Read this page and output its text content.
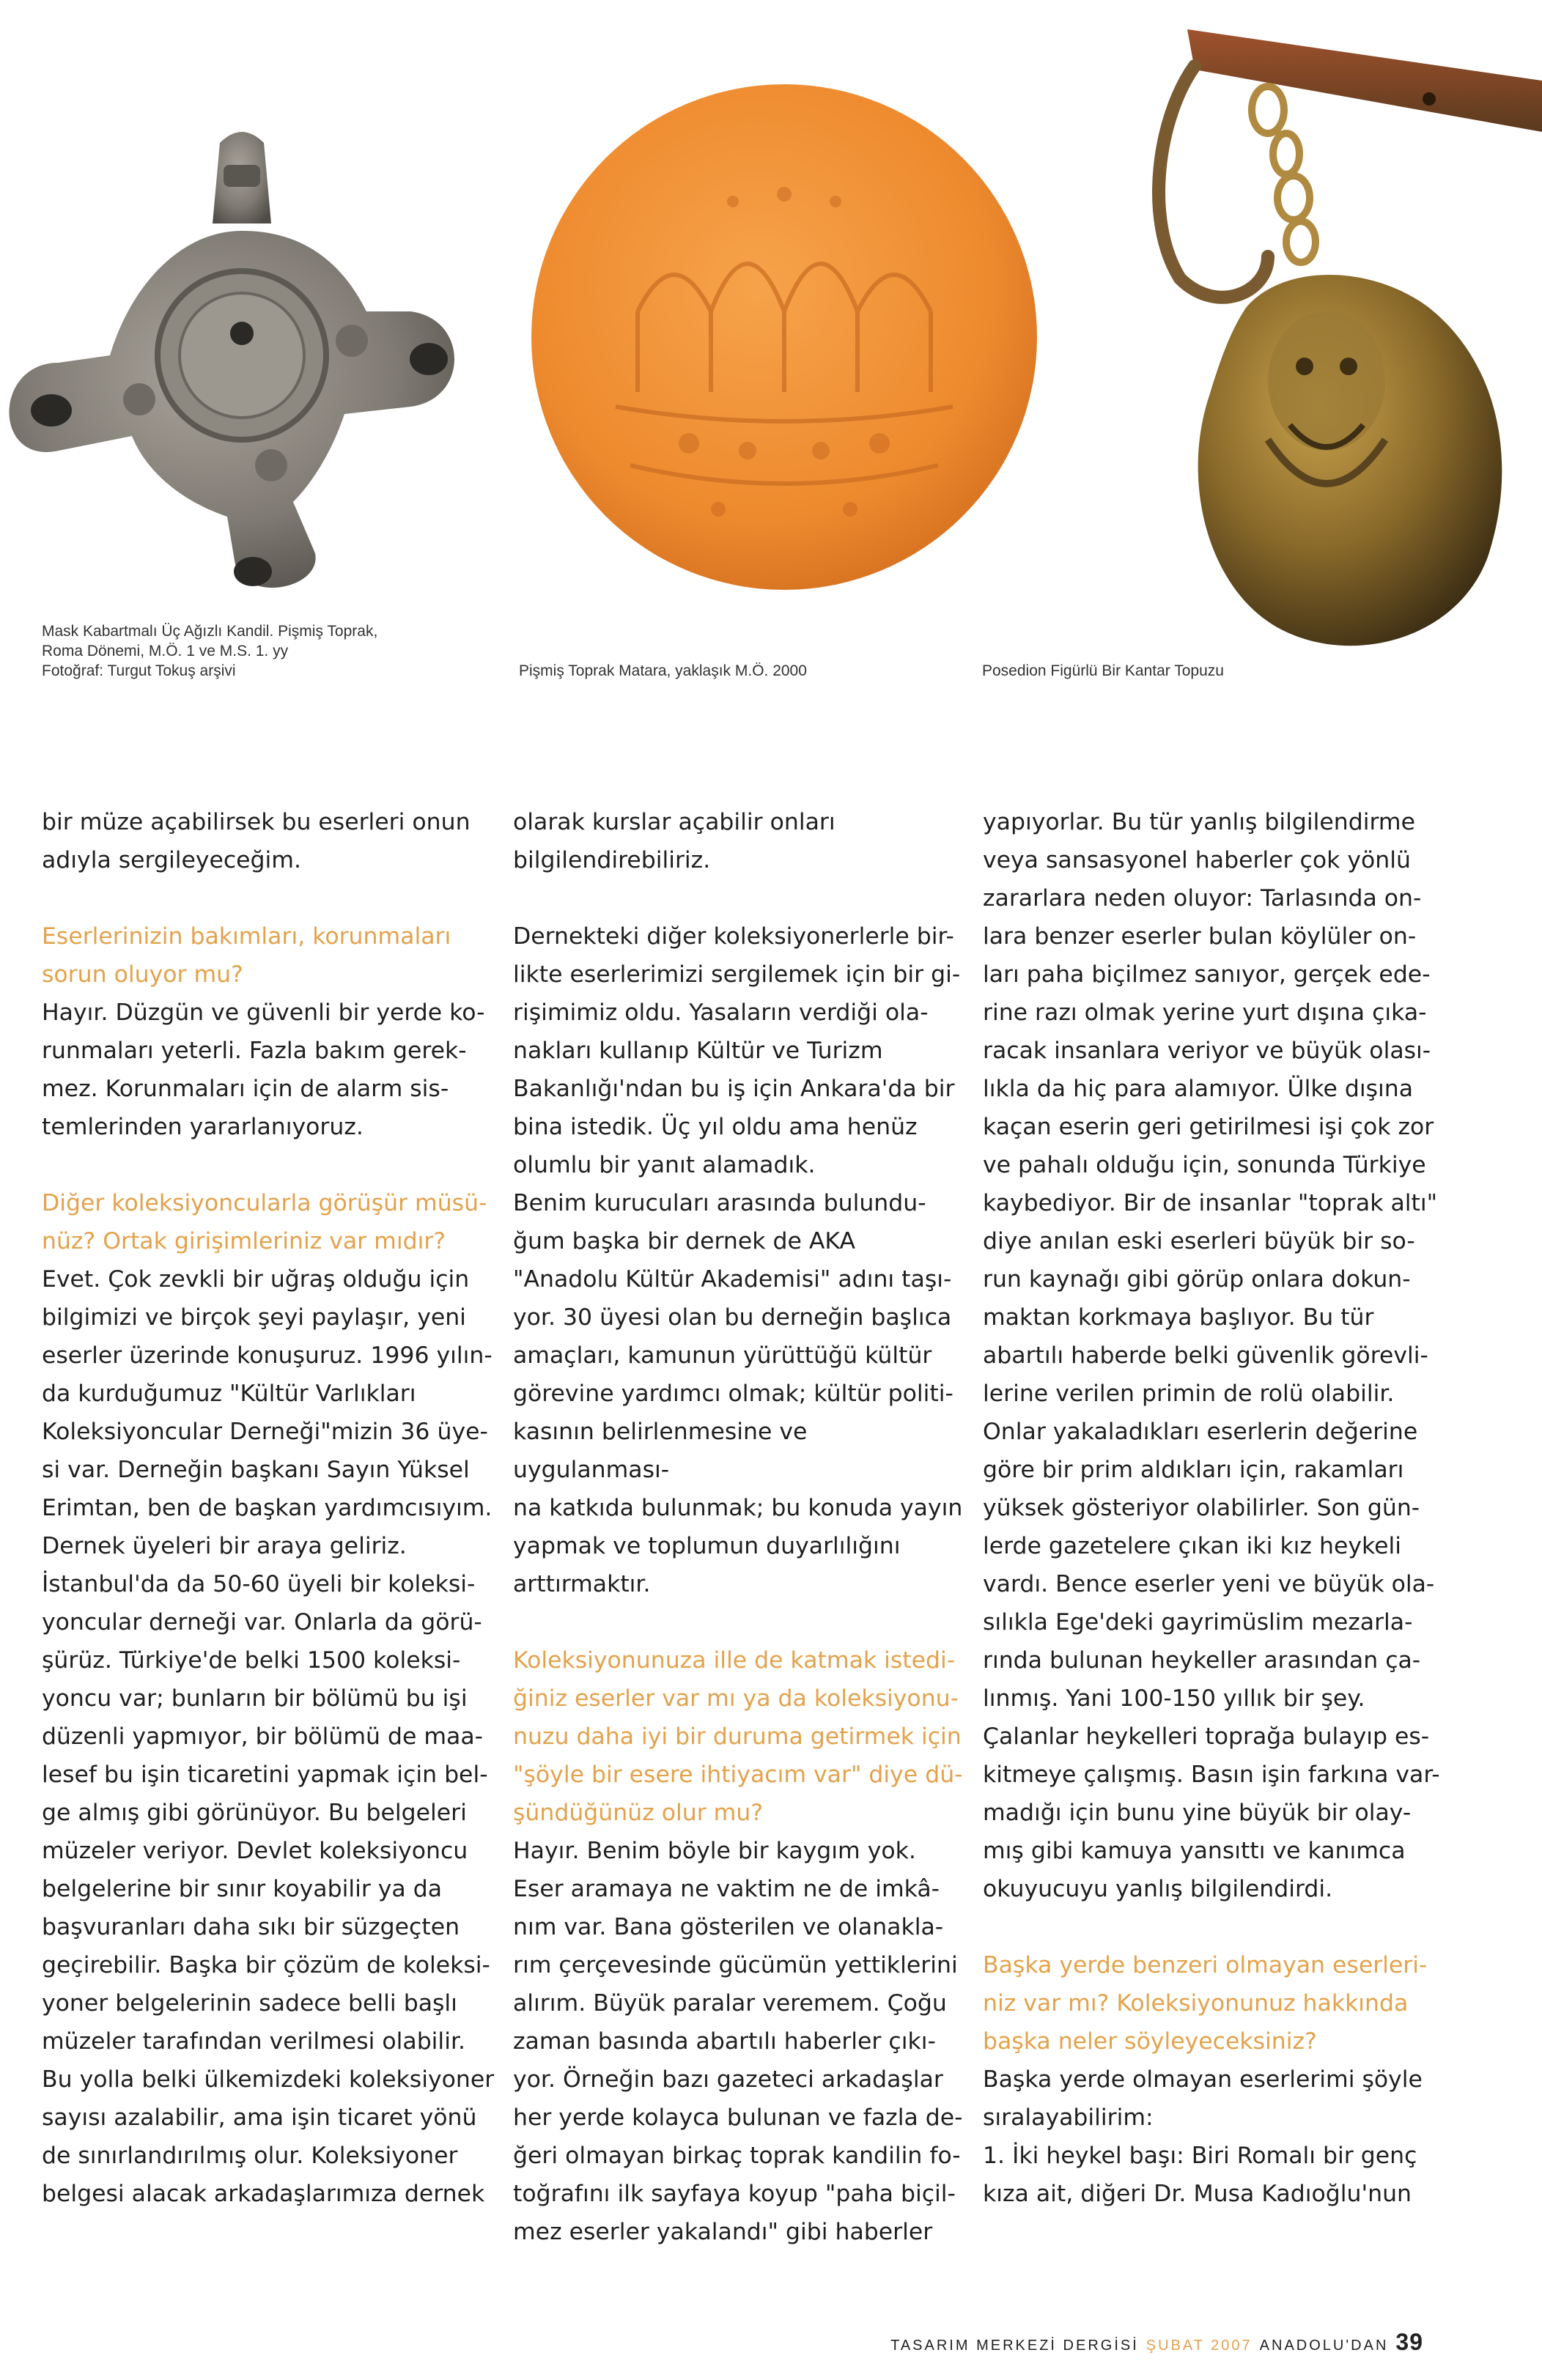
Mask Kabartmalı Üç Ağızlı Kandil. Pişmiş Toprak,
Roma Dönemi, M.Ö. 1 ve M.S. 1. yy
Fotoğraf: Turgut Tokuş arşivi	Pişmiş Toprak Matara, yaklaşık M.Ö. 2000	Posedion Figürlü Bir Kantar Topuzu

bir müze açabilirsek bu eserleri onun
adıyla sergileyeceğim.

Eserlerinizin bakımları, korunmaları
sorun oluyor mu?

Hayır. Düzgün ve güvenli bir yerde ko-
runmaları yeterli. Fazla bakım gerek-
mez. Korunmaları için de alarm sis-
temlerinden yararlanıyoruz.

Diğer koleksiyoncularla görüşür müsü-
nüz? Ortak girişimleriniz var mıdır?

Evet. Çok zevkli bir uğraş olduğu için
bilgimizi ve birçok şeyi paylaşır, yeni
eserler üzerinde konuşuruz. 1996 yılın-
da kurduğumuz "Kültür Varlıkları
Koleksiyoncular Derneği"mizin 36 üye-
si var. Derneğin başkanı Sayın Yüksel
Erimtan, ben de başkan yardımcısıyım.
Dernek üyeleri bir araya geliriz.
İstanbul'da da 50-60 üyeli bir koleksi-
yoncular derneği var. Onlarla da görü-
şürüz. Türkiye'de belki 1500 koleksi-
yoncu var; bunların bir bölümü bu işi
düzenli yapmıyor, bir bölümü de maa-
lesef bu işin ticaretini yapmak için bel-
ge almış gibi görünüyor. Bu belgeleri
müzeler veriyor. Devlet koleksiyoncu
belgelerine bir sınır koyabilir ya da
başvuranları daha sıkı bir süzgeçten
geçirebilir. Başka bir çözüm de koleksi-
yoner belgelerinin sadece belli başlı
müzeler tarafından verilmesi olabilir.
Bu yolla belki ülkemizdeki koleksiyoner
sayısı azalabilir, ama işin ticaret yönü
de sınırlandırılmış olur. Koleksiyoner
belgesi alacak arkadaşlarımıza dernek

olarak kurslar açabilir onları
bilgilendirebiliriz.

Dernekteki diğer koleksiyonerlerle bir-
likte eserlerimizi sergilemek için bir gi-
rişimimiz oldu. Yasaların verdiği ola-
nakları kullanıp Kültür ve Turizm
Bakanlığı'ndan bu iş için Ankara'da bir
bina istedik. Üç yıl oldu ama henüz
olumlu bir yanıt alamadık.
Benim kurucuları arasında bulundu-
ğum başka bir dernek de AKA
"Anadolu Kültür Akademisi" adını taşı-
yor. 30 üyesi olan bu derneğin başlıca
amaçları, kamunun yürüttüğü kültür
görevine yardımcı olmak; kültür politi-
kasının belirlenmesine ve uygulanması-
na katkıda bulunmak; bu konuda yayın
yapmak ve toplumun duyarlılığını
arttırmaktır.

Koleksiyonunuza ille de katmak istedi-
ğiniz eserler var mı ya da koleksiyonu-
nuzu daha iyi bir duruma getirmek için
"şöyle bir esere ihtiyacım var" diye dü-
şündüğünüz olur mu?

Hayır. Benim böyle bir kaygım yok.
Eser aramaya ne vaktim ne de imkâ-
nım var. Bana gösterilen ve olanakla-
rım çerçevesinde gücümün yettiklerini
alırım. Büyük paralar veremem. Çoğu
zaman basında abartılı haberler çıkı-
yor. Örneğin bazı gazeteci arkadaşlar
her yerde kolayca bulunan ve fazla de-
ğeri olmayan birkaç toprak kandilin fo-
toğrafını ilk sayfaya koyup "paha biçil-
mez eserler yakalandı" gibi haberler

yapıyorlar. Bu tür yanlış bilgilendirme
veya sansasyonel haberler çok yönlü
zararlara neden oluyor: Tarlasında on-
lara benzer eserler bulan köylüler on-
ları paha biçilmez sanıyor, gerçek ede-
rine razı olmak yerine yurt dışına çıka-
racak insanlara veriyor ve büyük olası-
lıkla da hiç para alamıyor. Ülke dışına
kaçan eserin geri getirilmesi işi çok zor
ve pahalı olduğu için, sonunda Türkiye
kaybediyor. Bir de insanlar "toprak altı"
diye anılan eski eserleri büyük bir so-
run kaynağı gibi görüp onlara dokun-
maktan korkmaya başlıyor. Bu tür
abartılı haberde belki güvenlik görevli-
lerine verilen primin de rolü olabilir.
Onlar yakaladıkları eserlerin değerine
göre bir prim aldıkları için, rakamları
yüksek gösteriyor olabilirler. Son gün-
lerde gazetelere çıkan iki kız heykeli
vardı. Bence eserler yeni ve büyük ola-
sılıkla Ege'deki gayrimüslim mezarla-
rında bulunan heykeller arasından ça-
lınmış. Yani 100-150 yıllık bir şey.
Çalanlar heykelleri toprağa bulayıp es-
kitmeye çalışmış. Basın işin farkına var-
madığı için bunu yine büyük bir olay-
mış gibi kamuya yansıttı ve kanımca
okuyucuyu yanlış bilgilendirdi.

Başka yerde benzeri olmayan eserleri-
niz var mı? Koleksiyonunuz hakkında
başka neler söyleyeceksiniz?

Başka yerde olmayan eserlerimi şöyle
sıralayabilirim:
1. İki heykel başı: Biri Romalı bir genç
kıza ait, diğeri Dr. Musa Kadıoğlu'nun

TASARIM MERKEZİ DERGİSİ ŞUBAT 2007 ANADOLU'DAN 39
